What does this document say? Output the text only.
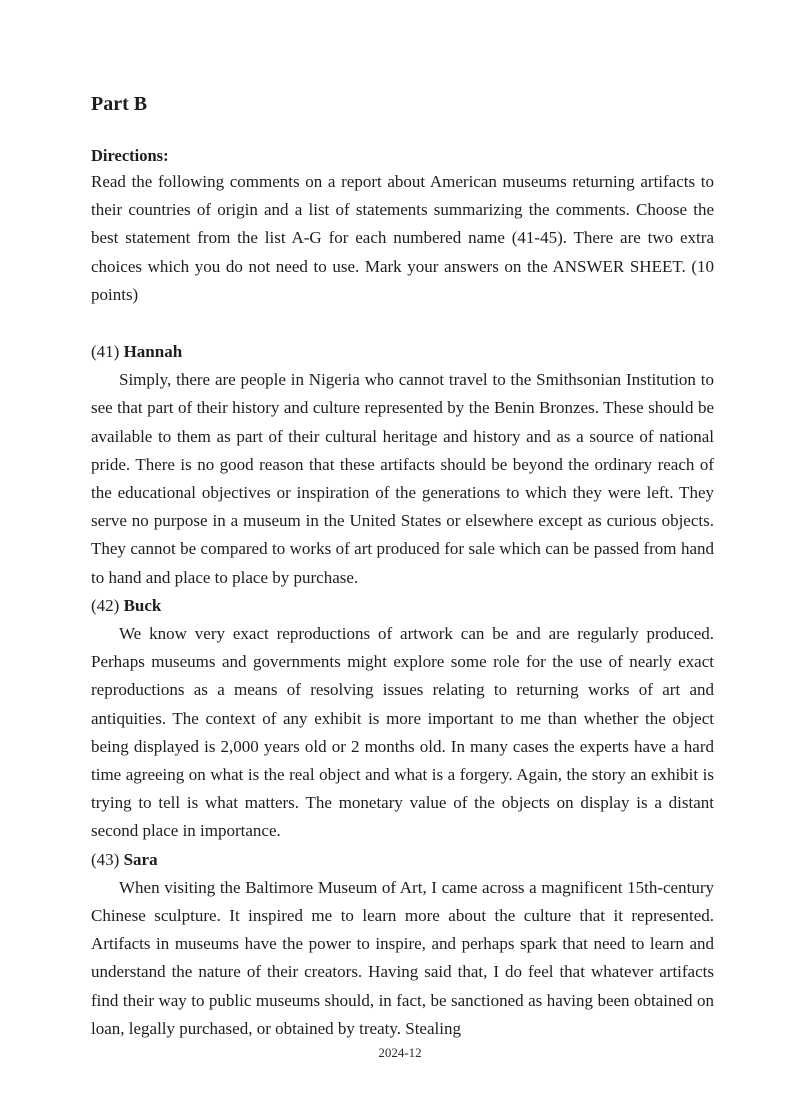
Part B
Directions:

Read the following comments on a report about American museums returning artifacts to their countries of origin and a list of statements summarizing the comments. Choose the best statement from the list A-G for each numbered name (41-45). There are two extra choices which you do not need to use. Mark your answers on the ANSWER SHEET. (10 points)

(41) Hannah

Simply, there are people in Nigeria who cannot travel to the Smithsonian Institution to see that part of their history and culture represented by the Benin Bronzes. These should be available to them as part of their cultural heritage and history and as a source of national pride. There is no good reason that these artifacts should be beyond the ordinary reach of the educational objectives or inspiration of the generations to which they were left. They serve no purpose in a museum in the United States or elsewhere except as curious objects. They cannot be compared to works of art produced for sale which can be passed from hand to hand and place to place by purchase.

(42) Buck

We know very exact reproductions of artwork can be and are regularly produced. Perhaps museums and governments might explore some role for the use of nearly exact reproductions as a means of resolving issues relating to returning works of art and antiquities. The context of any exhibit is more important to me than whether the object being displayed is 2,000 years old or 2 months old. In many cases the experts have a hard time agreeing on what is the real object and what is a forgery. Again, the story an exhibit is trying to tell is what matters. The monetary value of the objects on display is a distant second place in importance.

(43) Sara

When visiting the Baltimore Museum of Art, I came across a magnificent 15th-century Chinese sculpture. It inspired me to learn more about the culture that it represented. Artifacts in museums have the power to inspire, and perhaps spark that need to learn and understand the nature of their creators. Having said that, I do feel that whatever artifacts find their way to public museums should, in fact, be sanctioned as having been obtained on loan, legally purchased, or obtained by treaty. Stealing

2024-12
